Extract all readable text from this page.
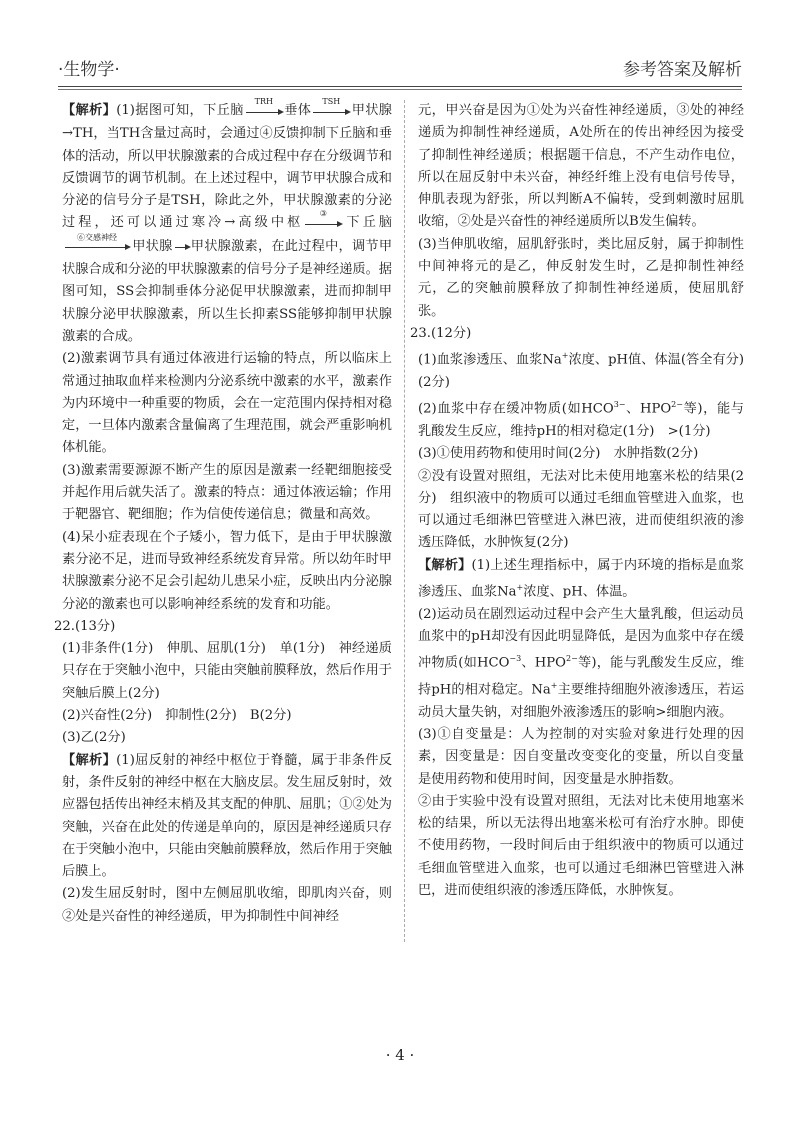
·生物学·	参考答案及解析

【解析】(1)据图可知，下丘脑
TRH
垂体
TSH
甲状腺→TH，当TH含量过高时，会通过④反馈抑制下丘脑和垂体的活动，所以甲状腺激素的合成过程中存在分级调节和反馈调节的调节机制。在上述过程中，调节甲状腺合成和分泌的信号分子是TSH，除此之外，甲状腺激素的分泌过程，还可以通过寒冷→高级中枢
③
下丘脑
⑥交感神经
甲状腺 甲状腺激素，在此过程中，调节甲状腺合成和分泌的甲状腺激素的信号分子是神经递质。据图可知，SS会抑制垂体分泌促甲状腺激素，进而抑制甲状腺分泌甲状腺激素，所以生长抑素SS能够抑制甲状腺激素的合成。

(2)激素调节具有通过体液进行运输的特点，所以临床上常通过抽取血样来检测内分泌系统中激素的水平，激素作为内环境中一种重要的物质，会在一定范围内保持相对稳定，一旦体内激素含量偏离了生理范围，就会严重影响机体机能。

(3)激素需要源源不断产生的原因是激素一经靶细胞接受并起作用后就失活了。激素的特点：通过体液运输；作用于靶器官、靶细胞；作为信使传递信息；微量和高效。

(4)呆小症表现在个子矮小，智力低下，是由于甲状腺激素分泌不足，进而导致神经系统发育异常。所以幼年时甲状腺激素分泌不足会引起幼儿患呆小症，反映出内分泌腺分泌的激素也可以影响神经系统的发育和功能。

22.(13分)

(1)非条件(1分)　伸肌、屈肌(1分)　单(1分)　神经递质只存在于突触小泡中，只能由突触前膜释放，然后作用于突触后膜上(2分)

(2)兴奋性(2分)　抑制性(2分)　B(2分)

(3)乙(2分)

【解析】(1)屈反射的神经中枢位于脊髓，属于非条件反射，条件反射的神经中枢在大脑皮层。发生屈反射时，效应器包括传出神经末梢及其支配的伸肌、屈肌；①②处为突触，兴奋在此处的传递是单向的，原因是神经递质只存在于突触小泡中，只能由突触前膜释放，然后作用于突触后膜上。

(2)发生屈反射时，图中左侧屈肌收缩，即肌肉兴奋，则②处是兴奋性的神经递质，甲为抑制性中间神经

元，甲兴奋是因为①处为兴奋性神经递质，③处的神经递质为抑制性神经递质，A处所在的传出神经因为接受了抑制性神经递质；根据题干信息，不产生动作电位，所以在屈反射中未兴奋，神经纤维上没有电信号传导，伸肌表现为舒张，所以判断A不偏转，受到刺激时屈肌收缩，②处是兴奋性的神经递质所以B发生偏转。

(3)当伸肌收缩，屈肌舒张时，类比屈反射，属于抑制性中间神将元的是乙，伸反射发生时，乙是抑制性神经元，乙的突触前膜释放了抑制性神经递质，使屈肌舒张。

23.(12分)

(1)血浆渗透压、血浆Na+浓度、pH值、体温(答全有分)(2分)

(2)血浆中存在缓冲物质(如$HCO^{3-}$、$HPO^{2-}$等)，能与乳酸发生反应，维持pH的相对稳定(1分)　>(1分)

(3)①使用药物和使用时间(2分)　水肿指数(2分)

②没有设置对照组，无法对比未使用地塞米松的结果(2分)　组织液中的物质可以通过毛细血管壁进入血浆，也可以通过毛细淋巴管壁进入淋巴液，进而使组织液的渗透压降低，水肿恢复(2分)

【解析】(1)上述生理指标中，属于内环境的指标是血浆渗透压、血浆Na+浓度、pH、体温。

(2)运动员在剧烈运动过程中会产生大量乳酸，但运动员血浆中的pH却没有因此明显降低，是因为血浆中存在缓冲物质(如$HCO^{-3}$、$HPO^{2-}$等)，能与乳酸发生反应，维持pH的相对稳定。Na+主要维持细胞外液渗透压，若运动员大量失钠，对细胞外液渗透压的影响>细胞内液。

(3)①自变量是：人为控制的对实验对象进行处理的因素，因变量是：因自变量改变变化的变量，所以自变量是使用药物和使用时间，因变量是水肿指数。

②由于实验中没有设置对照组，无法对比未使用地塞米松的结果，所以无法得出地塞米松可有治疗水肿。即使不使用药物，一段时间后由于组织液中的物质可以通过毛细血管壁进入血浆，也可以通过毛细淋巴管壁进入淋巴，进而使组织液的渗透压降低，水肿恢复。

· 4 ·
